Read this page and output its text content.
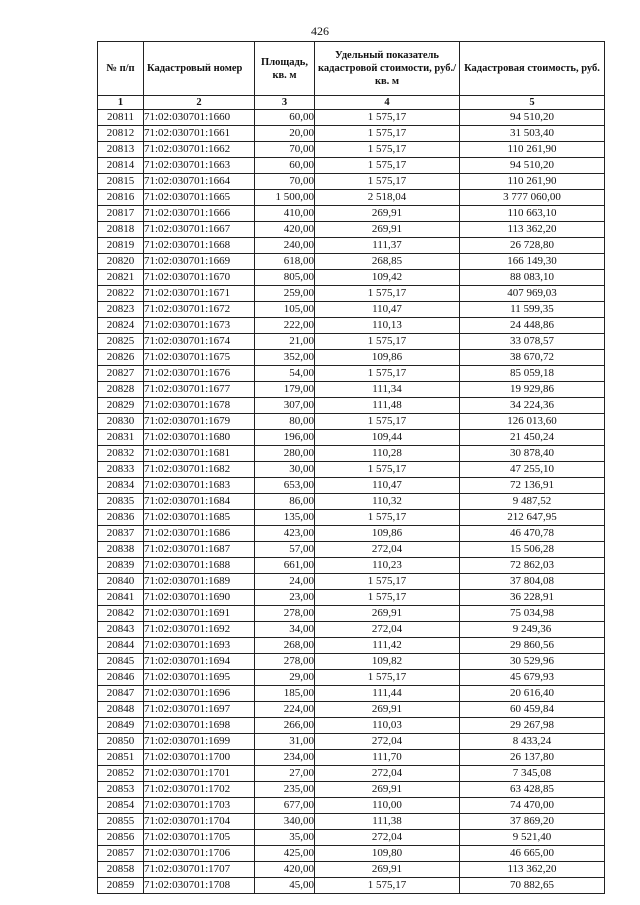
426
№ п/п	Кадастровый номер	Площадь, кв. м	Удельный показатель кадастровой стоимости, руб./кв. м	Кадастровая стоимость, руб.
1	2	3	4	5
20811	71:02:030701:1660	60,00	1 575,17	94 510,20
20812	71:02:030701:1661	20,00	1 575,17	31 503,40
20813	71:02:030701:1662	70,00	1 575,17	110 261,90
20814	71:02:030701:1663	60,00	1 575,17	94 510,20
20815	71:02:030701:1664	70,00	1 575,17	110 261,90
20816	71:02:030701:1665	1 500,00	2 518,04	3 777 060,00
20817	71:02:030701:1666	410,00	269,91	110 663,10
20818	71:02:030701:1667	420,00	269,91	113 362,20
20819	71:02:030701:1668	240,00	111,37	26 728,80
20820	71:02:030701:1669	618,00	268,85	166 149,30
20821	71:02:030701:1670	805,00	109,42	88 083,10
20822	71:02:030701:1671	259,00	1 575,17	407 969,03
20823	71:02:030701:1672	105,00	110,47	11 599,35
20824	71:02:030701:1673	222,00	110,13	24 448,86
20825	71:02:030701:1674	21,00	1 575,17	33 078,57
20826	71:02:030701:1675	352,00	109,86	38 670,72
20827	71:02:030701:1676	54,00	1 575,17	85 059,18
20828	71:02:030701:1677	179,00	111,34	19 929,86
20829	71:02:030701:1678	307,00	111,48	34 224,36
20830	71:02:030701:1679	80,00	1 575,17	126 013,60
20831	71:02:030701:1680	196,00	109,44	21 450,24
20832	71:02:030701:1681	280,00	110,28	30 878,40
20833	71:02:030701:1682	30,00	1 575,17	47 255,10
20834	71:02:030701:1683	653,00	110,47	72 136,91
20835	71:02:030701:1684	86,00	110,32	9 487,52
20836	71:02:030701:1685	135,00	1 575,17	212 647,95
20837	71:02:030701:1686	423,00	109,86	46 470,78
20838	71:02:030701:1687	57,00	272,04	15 506,28
20839	71:02:030701:1688	661,00	110,23	72 862,03
20840	71:02:030701:1689	24,00	1 575,17	37 804,08
20841	71:02:030701:1690	23,00	1 575,17	36 228,91
20842	71:02:030701:1691	278,00	269,91	75 034,98
20843	71:02:030701:1692	34,00	272,04	9 249,36
20844	71:02:030701:1693	268,00	111,42	29 860,56
20845	71:02:030701:1694	278,00	109,82	30 529,96
20846	71:02:030701:1695	29,00	1 575,17	45 679,93
20847	71:02:030701:1696	185,00	111,44	20 616,40
20848	71:02:030701:1697	224,00	269,91	60 459,84
20849	71:02:030701:1698	266,00	110,03	29 267,98
20850	71:02:030701:1699	31,00	272,04	8 433,24
20851	71:02:030701:1700	234,00	111,70	26 137,80
20852	71:02:030701:1701	27,00	272,04	7 345,08
20853	71:02:030701:1702	235,00	269,91	63 428,85
20854	71:02:030701:1703	677,00	110,00	74 470,00
20855	71:02:030701:1704	340,00	111,38	37 869,20
20856	71:02:030701:1705	35,00	272,04	9 521,40
20857	71:02:030701:1706	425,00	109,80	46 665,00
20858	71:02:030701:1707	420,00	269,91	113 362,20
20859	71:02:030701:1708	45,00	1 575,17	70 882,65
